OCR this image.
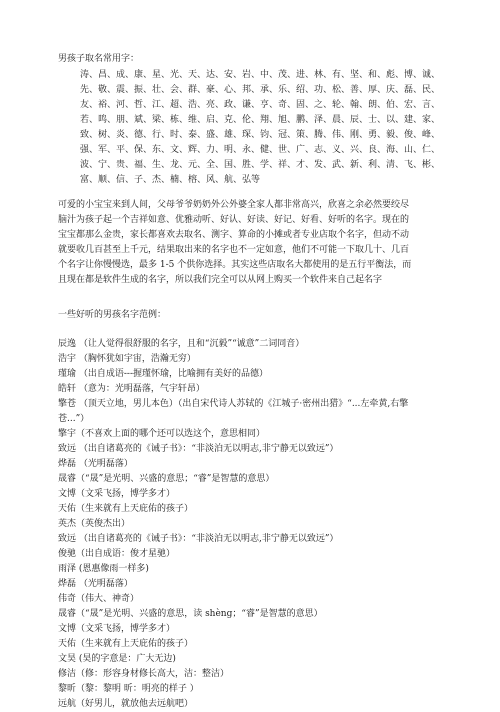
男孩子取名常用字：
涛、昌、成、康、星、光、天、达、安、岩、中、茂、进、林、有、坚、和、彪、博、诚、
先、敬、震、振、壮、会、群、豪、心、邦、承、乐、绍、功、松、善、厚、庆、磊、民、
友、裕、河、哲、江、超、浩、亮、政、谦、亨、奇、固、之、轮、翰、朗、伯、宏、言、
若、鸣、朋、斌、梁、栋、维、启、克、伦、翔、旭、鹏、泽、晨、辰、士、以、建、家、
致、树、炎、德、行、时、泰、盛、雄、琛、钧、冠、策、腾、伟、刚、勇、毅、俊、峰、
强、军、平、保、东、文、辉、力、明、永、健、世、广、志、义、兴、良、海、山、仁、
波、宁、贵、福、生、龙、元、全、国、胜、学、祥、才、发、武、新、利、清、飞、彬、
富、顺、信、子、杰、楠、榕、风、航、弘等
可爱的小宝宝来到人间，父母爷爷奶奶外公外婆全家人都非常高兴，欣喜之余必然要绞尽
脑汁为孩子起一个吉祥如意、优雅动听、好认、好读、好记、好看、好听的名字。现在的
宝宝都那么金贵，家长都喜欢去取名、测字、算命的小摊或者专业店取个名字，但动不动
就要收几百甚至上千元，结果取出来的名字也不一定如意，他们不可能一下取几十、几百
个名字让你慢慢选，最多 1-5 个供你选择。其实这些店取名大都使用的是五行平衡法，而
且现在都是软件生成的名字，所以我们完全可以从网上购买一个软件来自己起名字
一些好听的男孩名字范例：
辰逸 （让人觉得很舒服的名字，且和“沉毅”“诚意”二词同音）
浩宇 （胸怀犹如宇宙，浩瀚无穷）
瑾瑜 （出自成语---握瑾怀瑜，比喻拥有美好的品德）
皓轩 （意为：光明磊落，气宇轩昂）
擎苍 （顶天立地，男儿本色）（出自宋代诗人苏轼的《江城子·密州出猎》“...左牵黄,右擎
苍...”）
擎宇（不喜欢上面的哪个还可以选这个，意思相同）
致远 （出自诸葛亮的《诫子书》：“非淡泊无以明志,非宁静无以致远”）
烨磊 （光明磊落）
晟睿（“晟”是光明、兴盛的意思；“睿”是智慧的意思）
文博（文采飞扬，博学多才）
天佑（生来就有上天庇佑的孩子）
英杰（英俊杰出）
致远 （出自诸葛亮的《诫子书》：“非淡泊无以明志,非宁静无以致远”）
俊驰（出自成语：俊才星驰）
雨泽 (恩惠像雨一样多)
烨磊 （光明磊落）
伟奇（伟大、神奇）
晟睿（“晟”是光明、兴盛的意思，读 shèng；“睿”是智慧的意思）
文博（文采飞扬，博学多才）
天佑（生来就有上天庇佑的孩子）
文昊 (昊的字意是：广大无边)
修洁（修：形容身材修长高大，洁：整洁）
黎昕（黎：黎明 昕：明亮的样子 ）
远航（好男儿，就放他去远航吧）
